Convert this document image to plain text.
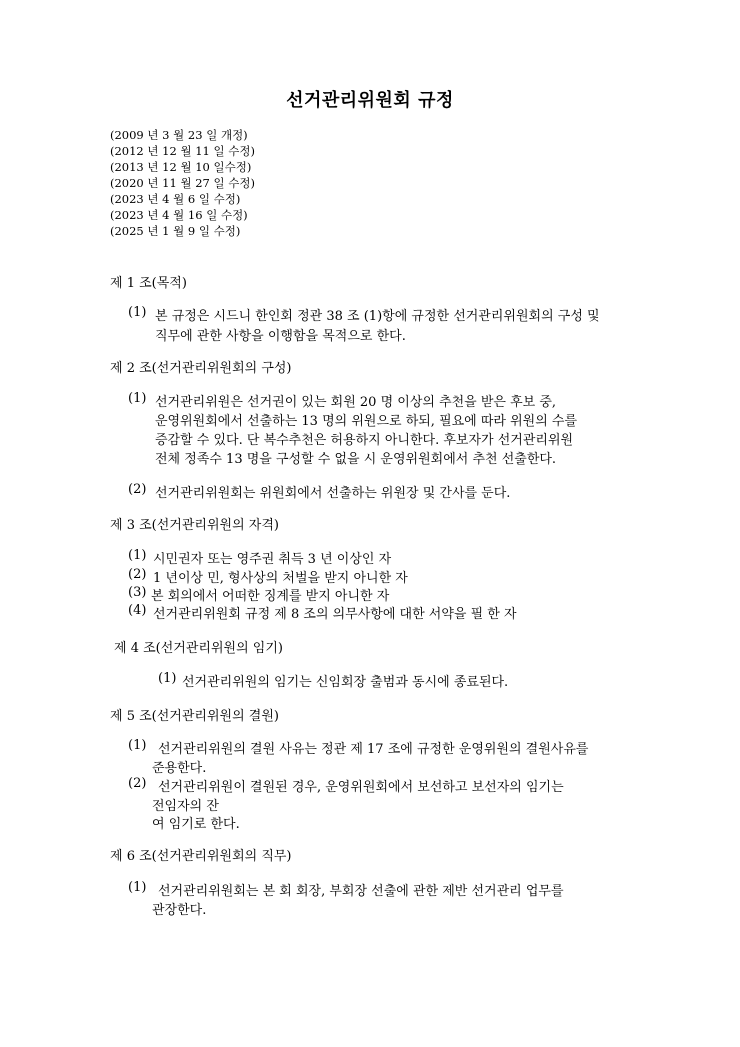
선거관리위원회 규정
(2009 년 3 월 23 일 개정)
(2012 년 12 월 11 일 수정)
(2013 년 12 월 10 일수정)
(2020 년 11 월 27 일 수정)
(2023 년 4 월 6 일 수정)
(2023 년 4 월 16 일 수정)
(2025 년 1 월 9 일 수정)
제 1 조(목적)
(1) 본 규정은 시드니 한인회 정관 38 조 (1)항에 규정한 선거관리위원회의 구성 및
직무에 관한 사항을 이행함을 목적으로 한다.
제 2 조(선거관리위원회의 구성)
(1) 선거관리위원은 선거권이 있는 회원 20 명 이상의 추천을 받은 후보 중,
운영위원회에서 선출하는 13 명의 위원으로 하되, 필요에 따라 위원의 수를
증감할 수 있다. 단 복수추천은 허용하지 아니한다. 후보자가 선거관리위원
전체 정족수 13 명을 구성할 수 없을 시 운영위원회에서 추천 선출한다.
(2) 선거관리위원회는 위원회에서 선출하는 위원장 및 간사를 둔다.
제 3 조(선거관리위원의 자격)
(1) 시민권자 또는 영주권 취득 3 년 이상인 자
(2) 1 년이상 민, 형사상의 처벌을 받지 아니한 자
(3) 본 회의에서 어떠한 징계를 받지 아니한 자
(4) 선거관리위원회 규정 제 8 조의 의무사항에 대한 서약을 필 한 자
제 4 조(선거관리위원의 임기)
(1) 선거관리위원의 임기는 신임회장 출범과 동시에 종료된다.
제 5 조(선거관리위원의 결원)
(1) 선거관리위원의 결원 사유는 정관 제 17 조에 규정한 운영위원의 결원사유를
준용한다.
(2) 선거관리위원이 결원된 경우, 운영위원회에서 보선하고 보선자의 임기는
전임자의 잔
여 임기로 한다.
제 6 조(선거관리위원회의 직무)
(1) 선거관리위원회는 본 회 회장, 부회장 선출에 관한 제반 선거관리 업무를
관장한다.
